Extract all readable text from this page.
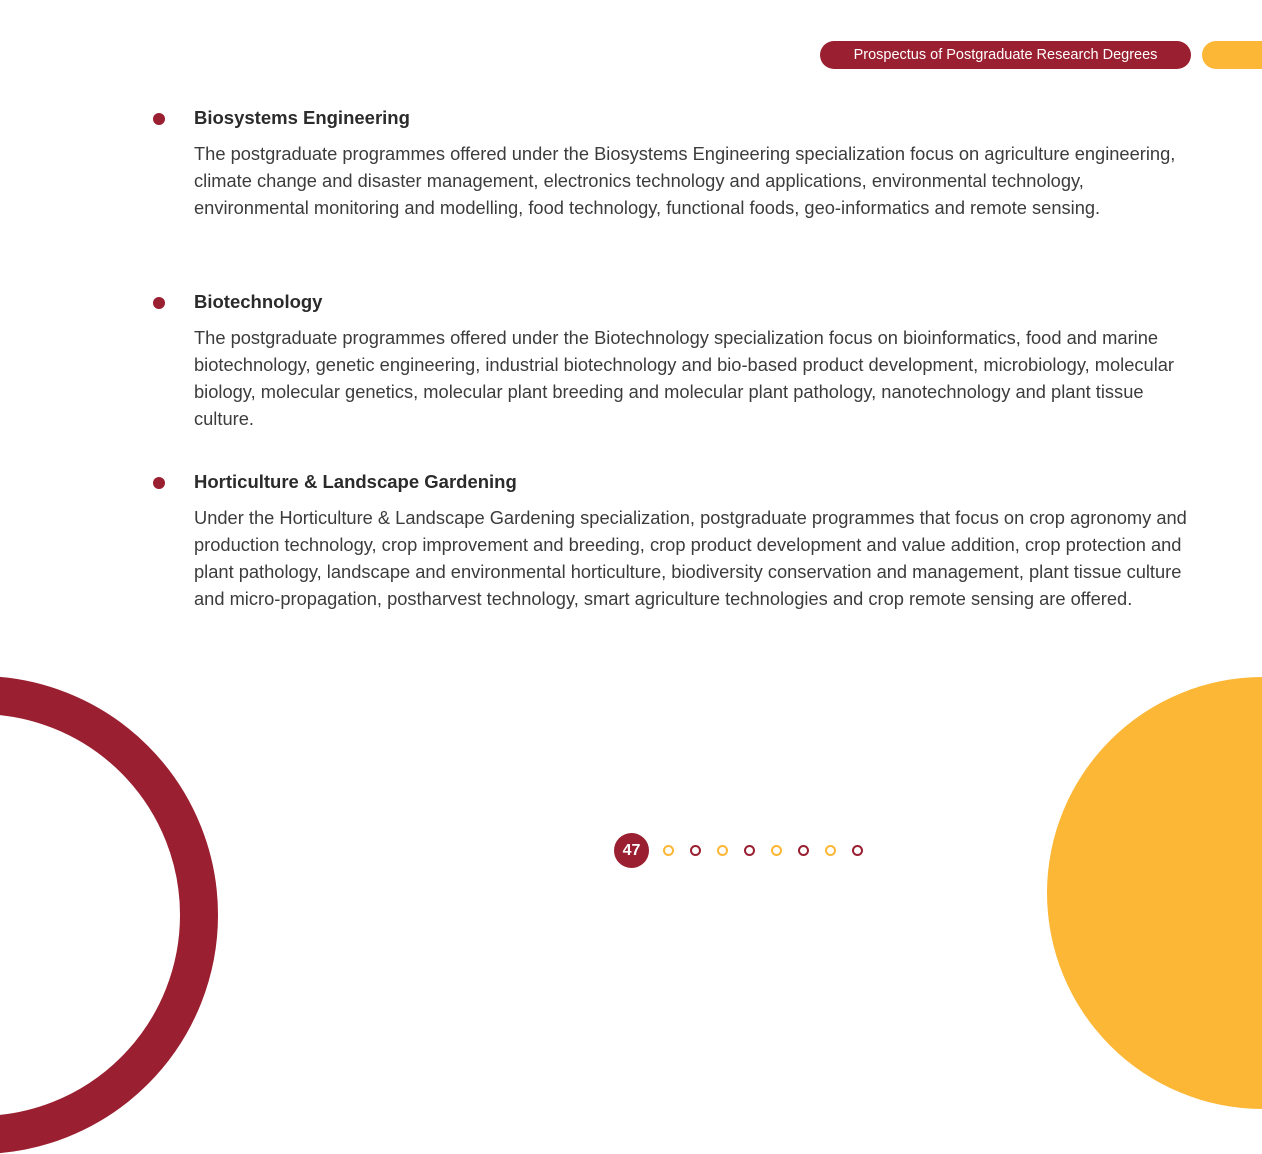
Prospectus of Postgraduate Research Degrees
Biosystems Engineering

The postgraduate programmes offered under the Biosystems Engineering specialization focus on agriculture engineering, climate change and disaster management, electronics technology and applications, environmental technology, environmental monitoring and modelling, food technology, functional foods, geo-informatics and remote sensing.

Biotechnology

The postgraduate programmes offered under the Biotechnology specialization focus on bioinformatics, food and marine biotechnology, genetic engineering, industrial biotechnology and bio-based product development, microbiology, molecular biology, molecular genetics, molecular plant breeding and molecular plant pathology, nanotechnology and plant tissue culture.

Horticulture & Landscape Gardening

Under the Horticulture & Landscape Gardening specialization, postgraduate programmes that focus on crop agronomy and production technology, crop improvement and breeding, crop product development and value addition, crop protection and plant pathology, landscape and environmental horticulture, biodiversity conservation and management, plant tissue culture and micro-propagation, postharvest technology, smart agriculture technologies and crop remote sensing are offered.

47
